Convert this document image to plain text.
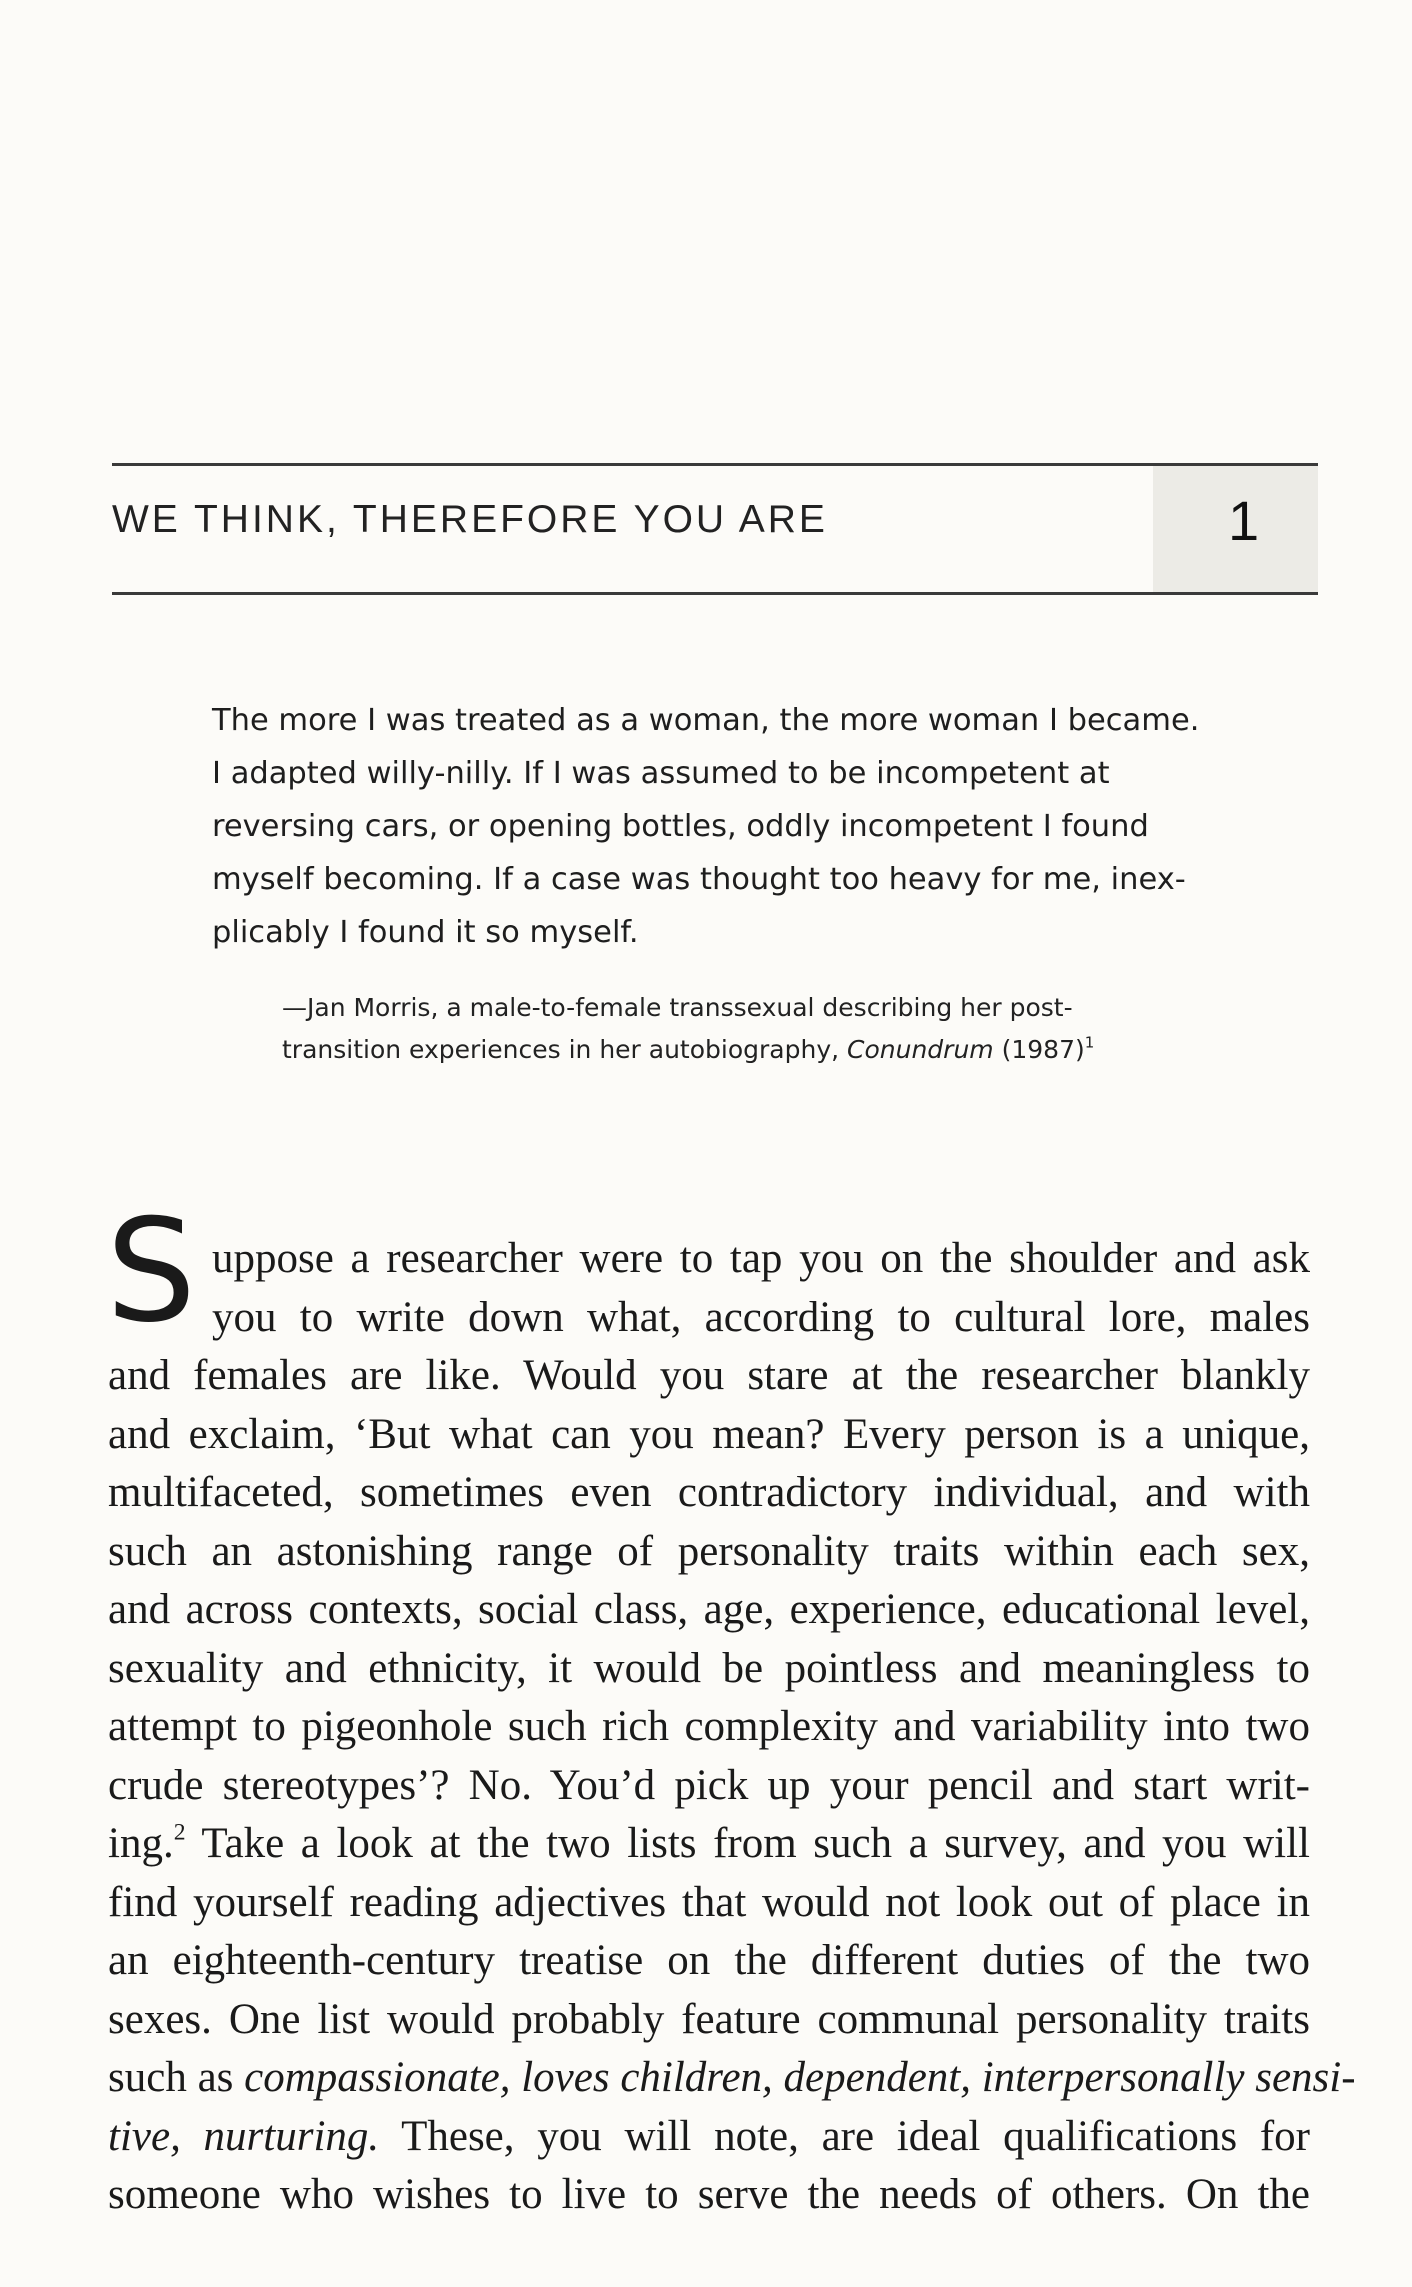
WE THINK, THEREFORE YOU ARE	1
The more I was treated as a woman, the more woman I became.
I adapted willy-nilly. If I was assumed to be incompetent at
reversing cars, or opening bottles, oddly incompetent I found
myself becoming. If a case was thought too heavy for me, inex-
plicably I found it so myself.
—Jan Morris, a male-to-female transsexual describing her post-
transition experiences in her autobiography, Conundrum $(1987)^1$
S uppose a researcher were to tap you on the shoulder and ask
you to write down what, according to cultural lore, males
and females are like. Would you stare at the researcher blankly
and exclaim, ‘But what can you mean? Every person is a unique,
multifaceted, sometimes even contradictory individual, and with
such an astonishing range of personality traits within each sex,
and across contexts, social class, age, experience, educational level,
sexuality and ethnicity, it would be pointless and meaningless to
attempt to pigeonhole such rich complexity and variability into two
crude stereotypes’? No. You’d pick up your pencil and start writ-
ing.$^2$ Take a look at the two lists from such a survey, and you will
find yourself reading adjectives that would not look out of place in
an eighteenth-century treatise on the different duties of the two
sexes. One list would probably feature communal personality traits
such as compassionate, loves children, dependent, interpersonally sensi-
tive, nurturing. These, you will note, are ideal qualifications for
someone who wishes to live to serve the needs of others. On the
